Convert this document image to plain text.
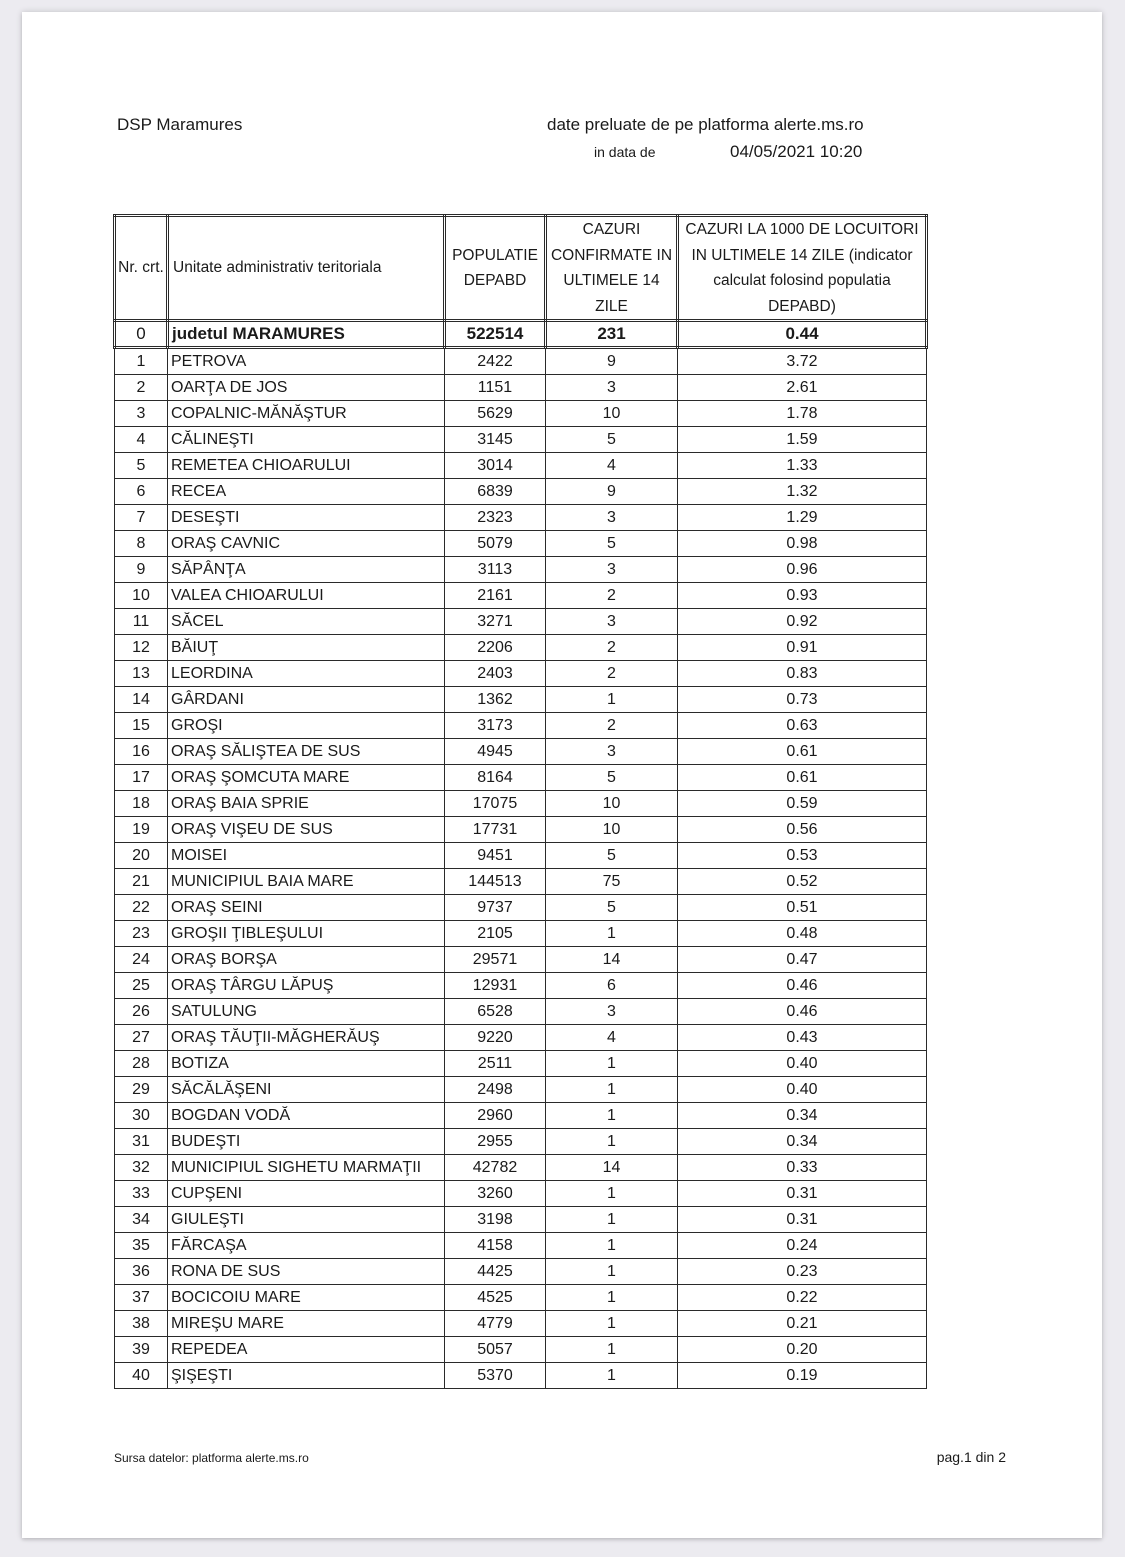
DSP Maramures	date preluate de pe platforma alerte.ms.ro
in data de	04/05/2021 10:20
Nr. crt.	Unitate administrativ teritoriala	POPULATIE DEPABD	CAZURI CONFIRMATE IN ULTIMELE 14 ZILE	CAZURI LA 1000 DE LOCUITORI IN ULTIMELE 14 ZILE (indicator calculat folosind populatia DEPABD)
0	judetul MARAMURES	522514	231	0.44
1	PETROVA	2422	9	3.72
2	OARŢA DE JOS	1151	3	2.61
3	COPALNIC-MĂNĂŞTUR	5629	10	1.78
4	CĂLINEŞTI	3145	5	1.59
5	REMETEA CHIOARULUI	3014	4	1.33
6	RECEA	6839	9	1.32
7	DESEŞTI	2323	3	1.29
8	ORAŞ CAVNIC	5079	5	0.98
9	SĂPÂNŢA	3113	3	0.96
10	VALEA CHIOARULUI	2161	2	0.93
11	SĂCEL	3271	3	0.92
12	BĂIUŢ	2206	2	0.91
13	LEORDINA	2403	2	0.83
14	GÂRDANI	1362	1	0.73
15	GROŞI	3173	2	0.63
16	ORAŞ SĂLIŞTEA DE SUS	4945	3	0.61
17	ORAŞ ŞOMCUTA MARE	8164	5	0.61
18	ORAŞ BAIA SPRIE	17075	10	0.59
19	ORAŞ VIŞEU DE SUS	17731	10	0.56
20	MOISEI	9451	5	0.53
21	MUNICIPIUL BAIA MARE	144513	75	0.52
22	ORAŞ SEINI	9737	5	0.51
23	GROŞII ŢIBLEŞULUI	2105	1	0.48
24	ORAŞ BORŞA	29571	14	0.47
25	ORAŞ TÂRGU LĂPUŞ	12931	6	0.46
26	SATULUNG	6528	3	0.46
27	ORAŞ TĂUŢII-MĂGHERĂUŞ	9220	4	0.43
28	BOTIZA	2511	1	0.40
29	SĂCĂLĂŞENI	2498	1	0.40
30	BOGDAN VODĂ	2960	1	0.34
31	BUDEŞTI	2955	1	0.34
32	MUNICIPIUL SIGHETU MARMAŢII	42782	14	0.33
33	CUPŞENI	3260	1	0.31
34	GIULEŞTI	3198	1	0.31
35	FĂRCAŞA	4158	1	0.24
36	RONA DE SUS	4425	1	0.23
37	BOCICOIU MARE	4525	1	0.22
38	MIREŞU MARE	4779	1	0.21
39	REPEDEA	5057	1	0.20
40	ŞIŞEŞTI	5370	1	0.19
Sursa datelor: platforma alerte.ms.ro	pag.1 din 2
